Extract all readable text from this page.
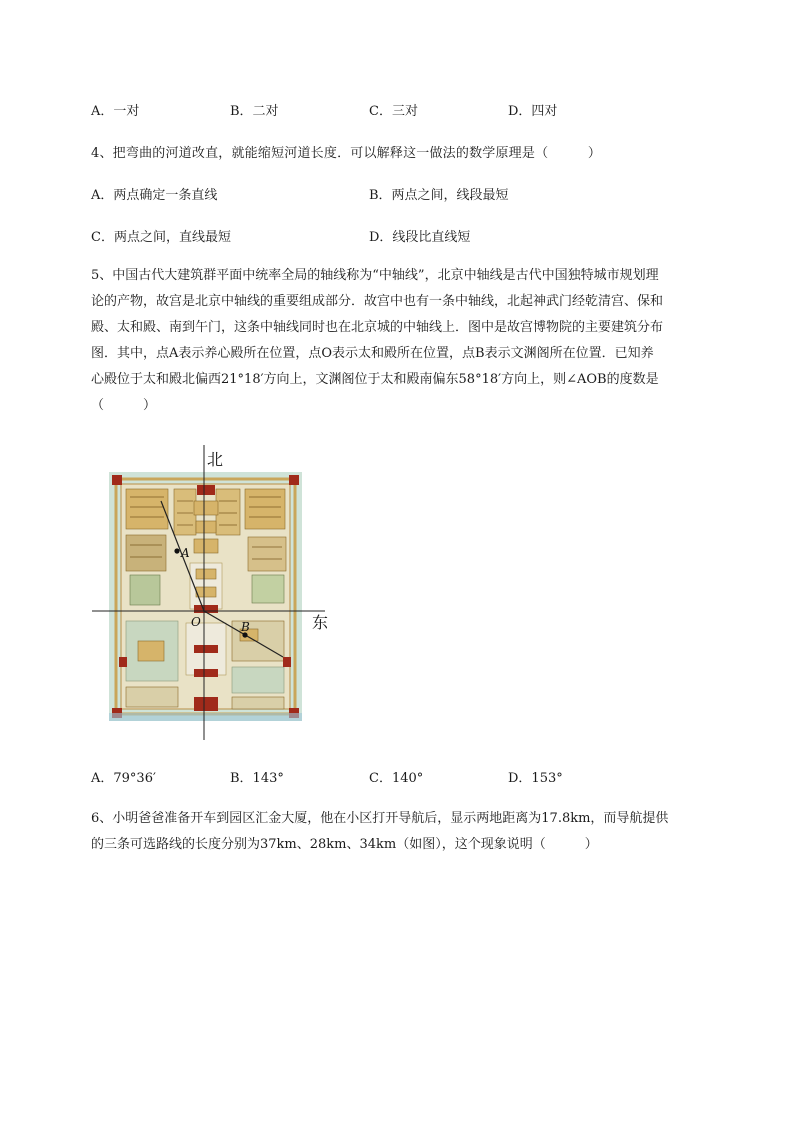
A．一对	B．二对	C．三对	D．四对
4、把弯曲的河道改直，就能缩短河道长度．可以解释这一做法的数学原理是（　　　）
A．两点确定一条直线	B．两点之间，线段最短
C．两点之间，直线最短	D．线段比直线短
5、中国古代大建筑群平面中统率全局的轴线称为“中轴线”，北京中轴线是古代中国独特城市规划理
论的产物，故宫是北京中轴线的重要组成部分．故宫中也有一条中轴线，北起神武门经乾清宫、保和
殿、太和殿、南到午门，这条中轴线同时也在北京城的中轴线上．图中是故宫博物院的主要建筑分布
图．其中，点A表示养心殿所在位置，点O表示太和殿所在位置，点B表示文渊阁所在位置．已知养
心殿位于太和殿北偏西21°18′方向上，文渊阁位于太和殿南偏东58°18′方向上，则∠AOB的度数是
（　　　）
北
东
A
O	B
A．79°36′	B．143°	C．140°	D．153°
6、小明爸爸准备开车到园区汇金大厦，他在小区打开导航后，显示两地距离为17.8km，而导航提供
的三条可选路线的长度分别为37km、28km、34km（如图），这个现象说明（　　　）
